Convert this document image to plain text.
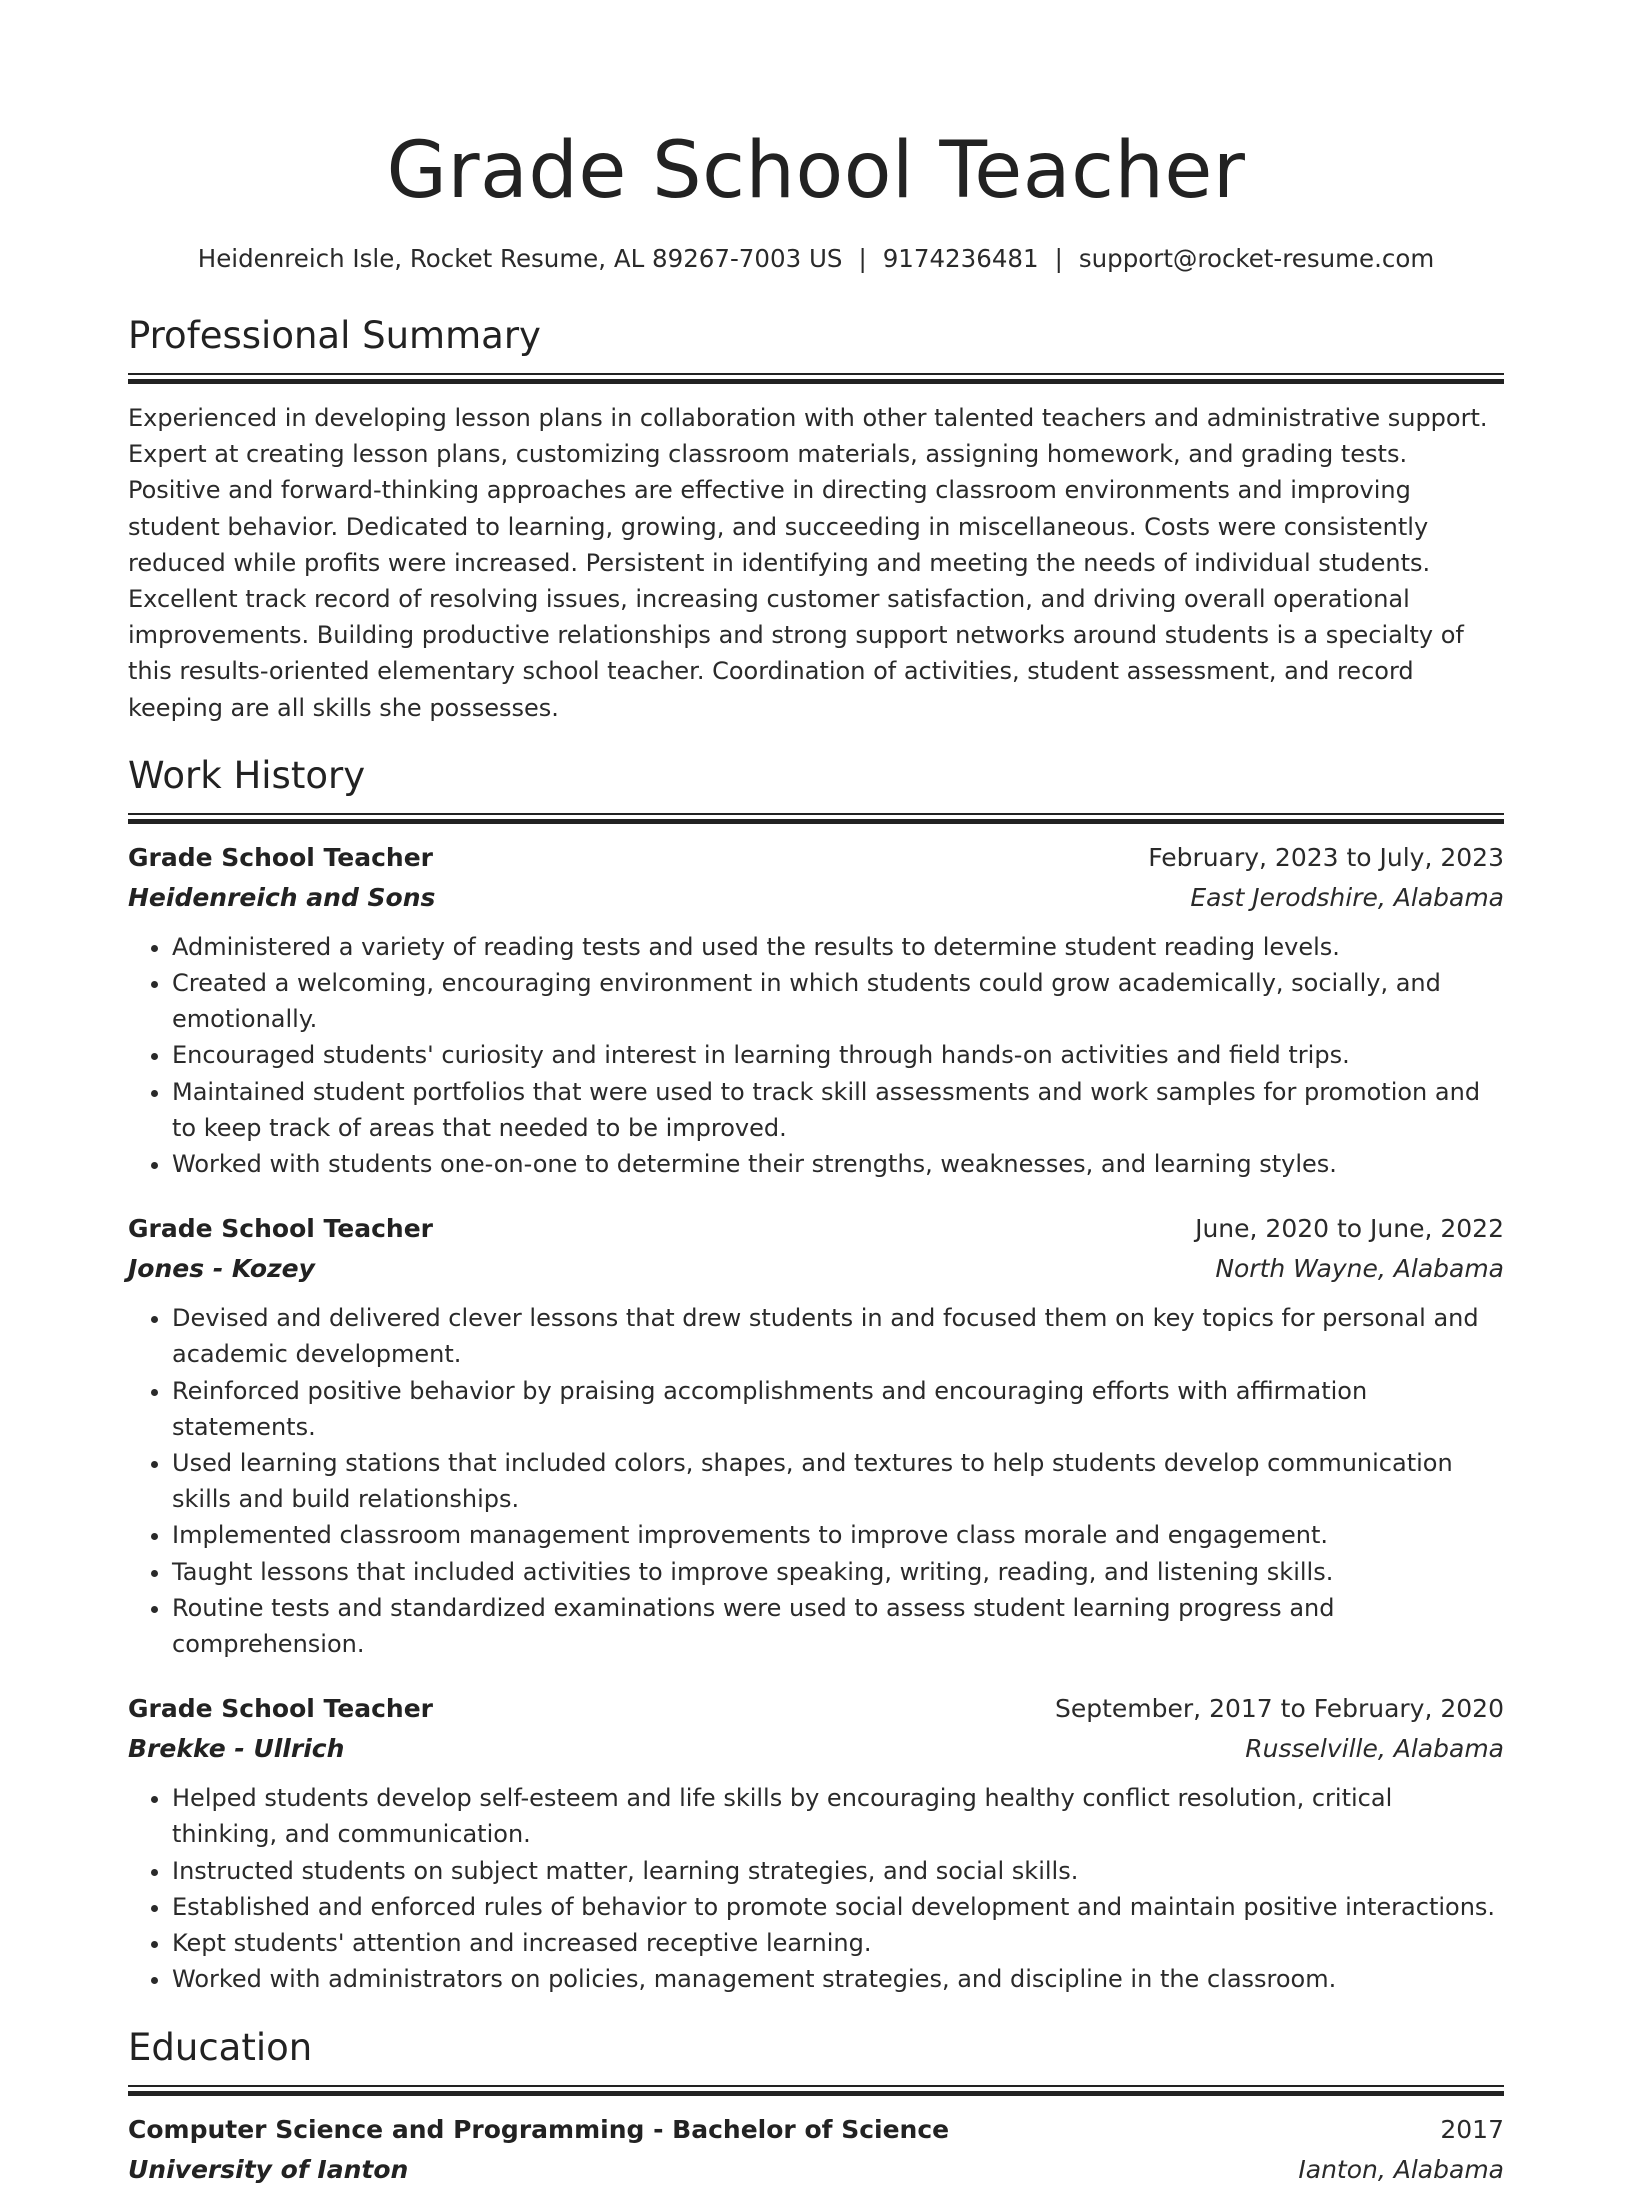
Grade School Teacher
Heidenreich Isle, Rocket Resume, AL 89267-7003 US | 9174236481 | support@rocket-resume.com
Professional Summary
Experienced in developing lesson plans in collaboration with other talented teachers and administrative support. Expert at creating lesson plans, customizing classroom materials, assigning homework, and grading tests. Positive and forward-thinking approaches are effective in directing classroom environments and improving student behavior. Dedicated to learning, growing, and succeeding in miscellaneous. Costs were consistently reduced while profits were increased. Persistent in identifying and meeting the needs of individual students. Excellent track record of resolving issues, increasing customer satisfaction, and driving overall operational improvements. Building productive relationships and strong support networks around students is a specialty of this results-oriented elementary school teacher. Coordination of activities, student assessment, and record keeping are all skills she possesses.
Work History
Grade School Teacher	February, 2023 to July, 2023
Heidenreich and Sons	East Jerodshire, Alabama
• Administered a variety of reading tests and used the results to determine student reading levels.
• Created a welcoming, encouraging environment in which students could grow academically, socially, and emotionally.
• Encouraged students' curiosity and interest in learning through hands-on activities and field trips.
• Maintained student portfolios that were used to track skill assessments and work samples for promotion and to keep track of areas that needed to be improved.
• Worked with students one-on-one to determine their strengths, weaknesses, and learning styles.
Grade School Teacher	June, 2020 to June, 2022
Jones - Kozey	North Wayne, Alabama
• Devised and delivered clever lessons that drew students in and focused them on key topics for personal and academic development.
• Reinforced positive behavior by praising accomplishments and encouraging efforts with affirmation statements.
• Used learning stations that included colors, shapes, and textures to help students develop communication skills and build relationships.
• Implemented classroom management improvements to improve class morale and engagement.
• Taught lessons that included activities to improve speaking, writing, reading, and listening skills.
• Routine tests and standardized examinations were used to assess student learning progress and comprehension.
Grade School Teacher	September, 2017 to February, 2020
Brekke - Ullrich	Russelville, Alabama
• Helped students develop self-esteem and life skills by encouraging healthy conflict resolution, critical thinking, and communication.
• Instructed students on subject matter, learning strategies, and social skills.
• Established and enforced rules of behavior to promote social development and maintain positive interactions.
• Kept students' attention and increased receptive learning.
• Worked with administrators on policies, management strategies, and discipline in the classroom.
Education
Computer Science and Programming - Bachelor of Science	2017
University of Ianton	Ianton, Alabama
